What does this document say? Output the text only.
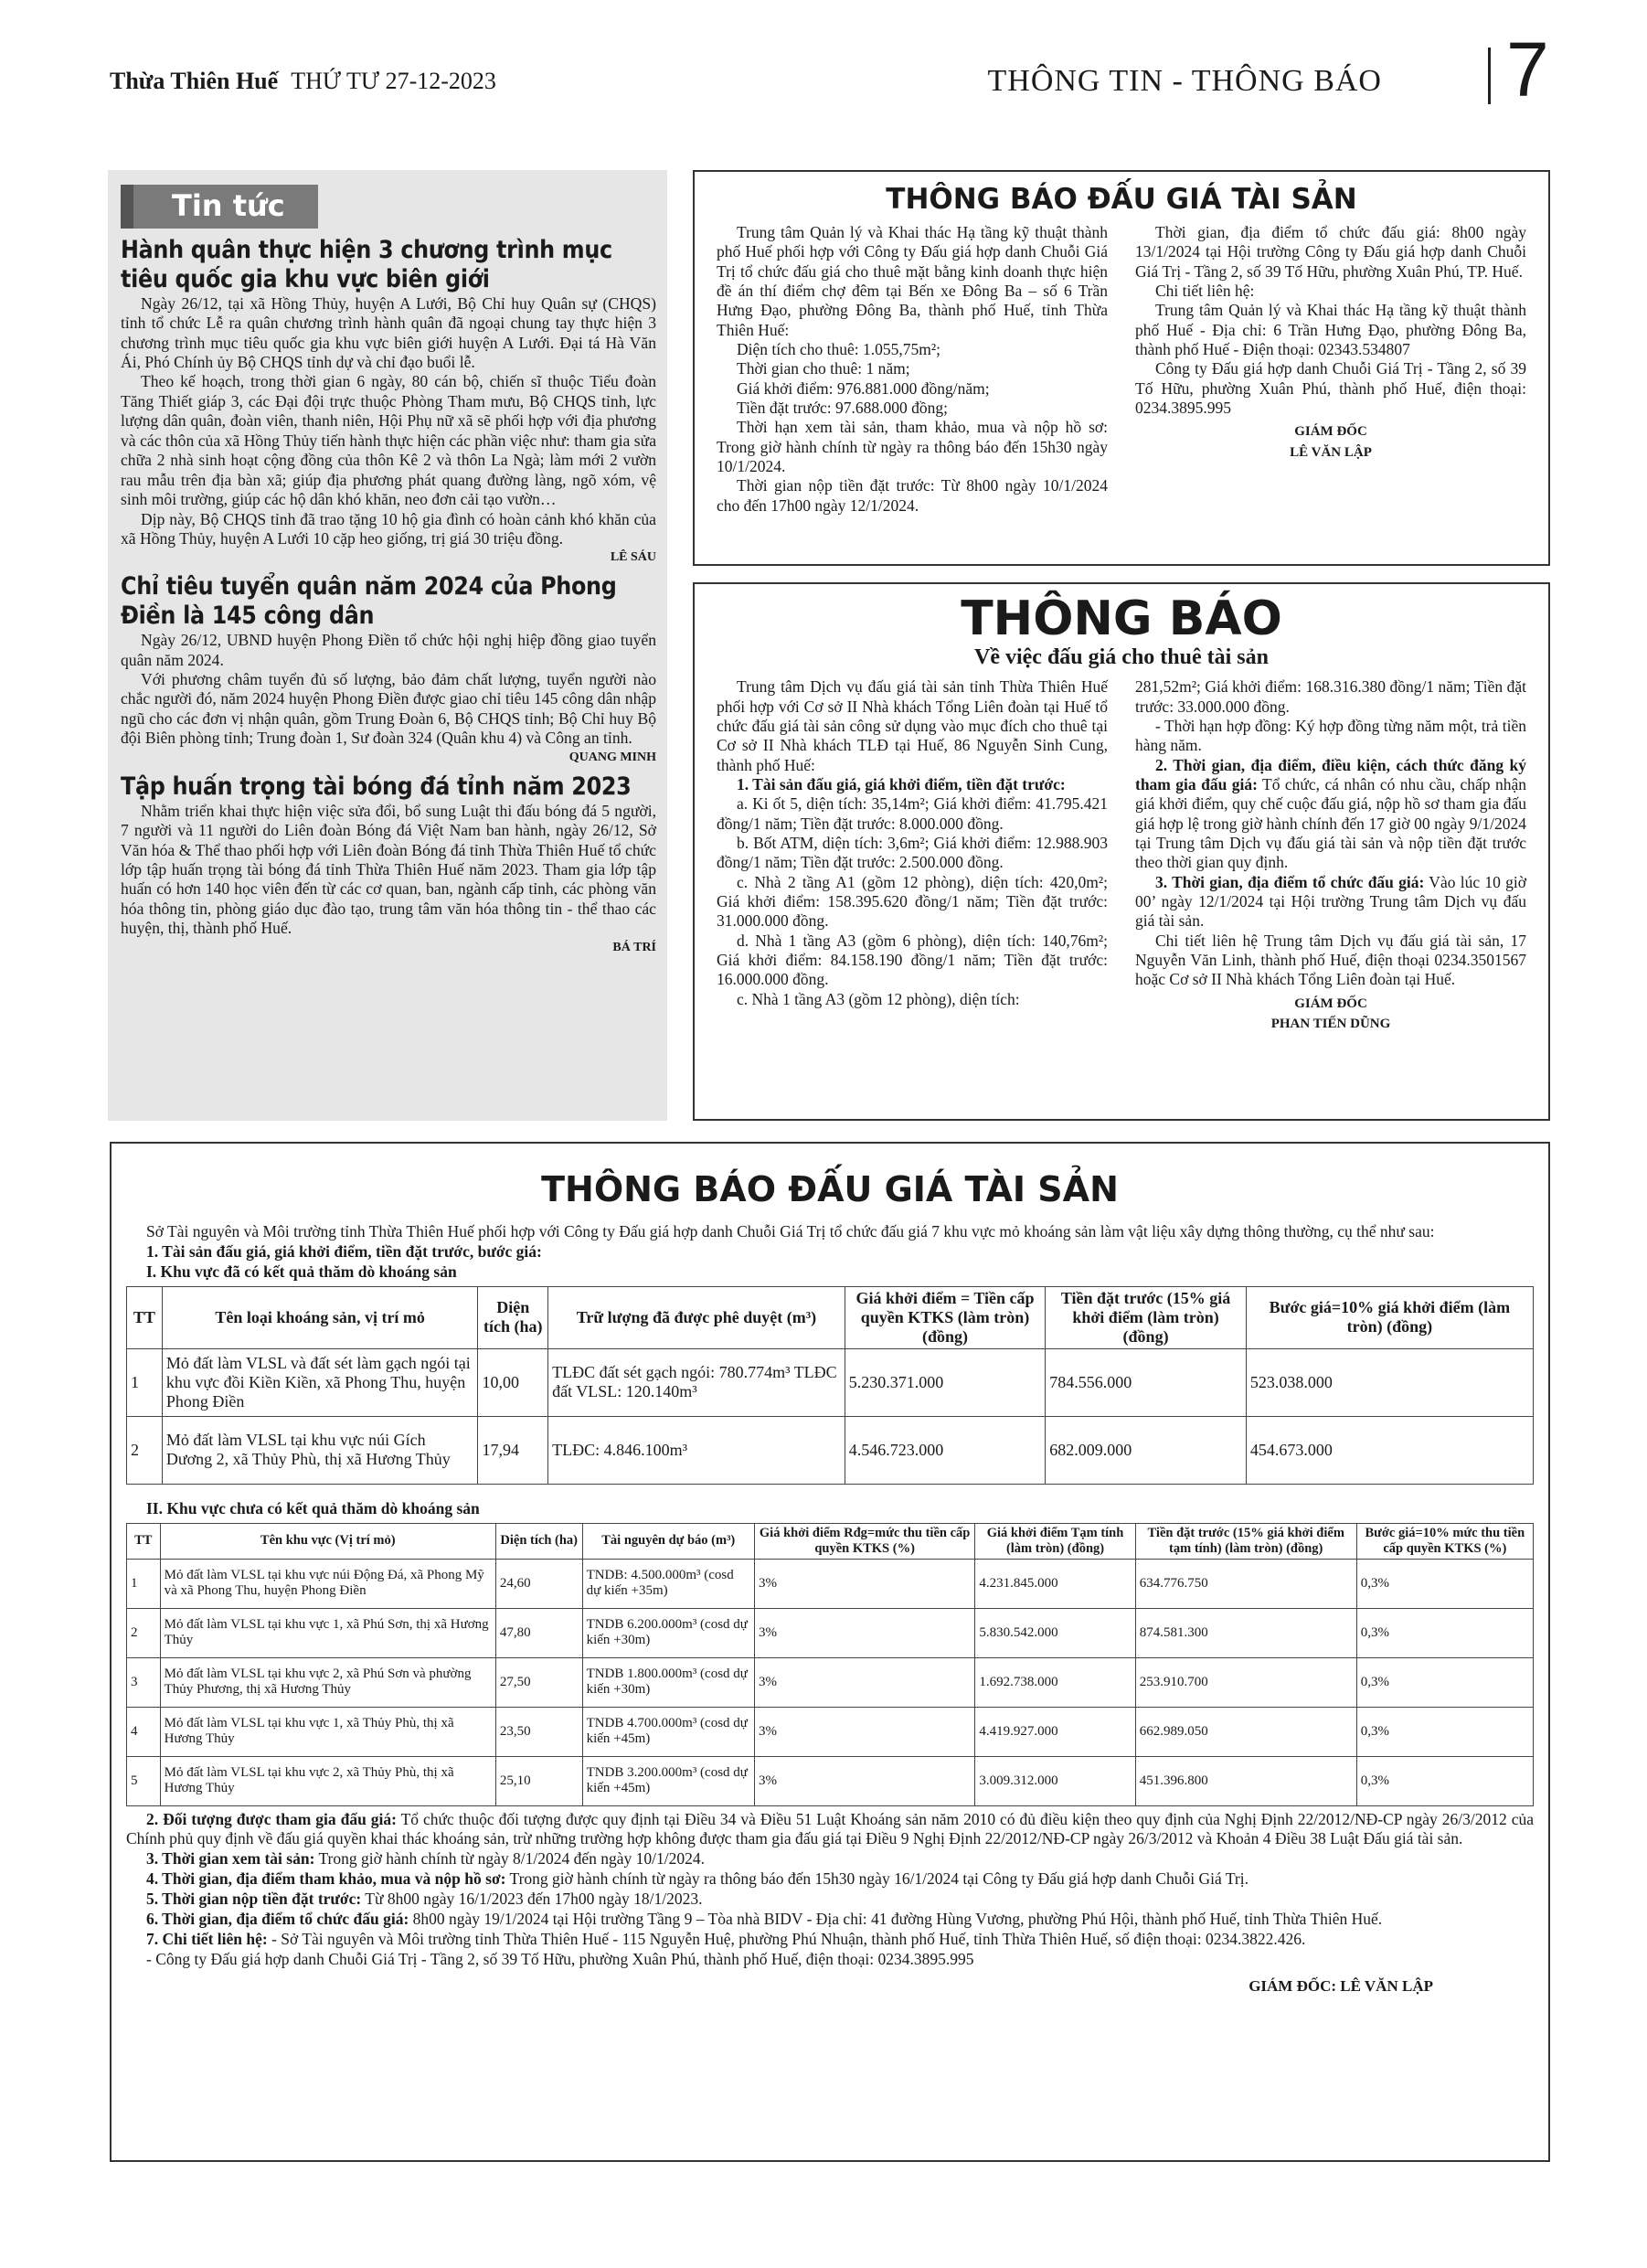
Thừa Thiên Huế THỨ TƯ 27-12-2023	THÔNG TIN - THÔNG BÁO 7
Tin tức
Hành quân thực hiện 3 chương trình mục tiêu quốc gia khu vực biên giới

Ngày 26/12, tại xã Hồng Thủy, huyện A Lưới, Bộ Chỉ huy Quân sự (CHQS) tỉnh tổ chức Lễ ra quân chương trình hành quân đã ngoại chung tay thực hiện 3 chương trình mục tiêu quốc gia khu vực biên giới huyện A Lưới. Đại tá Hà Văn Ái, Phó Chính ủy Bộ CHQS tỉnh dự và chỉ đạo buổi lễ.

Theo kế hoạch, trong thời gian 6 ngày, 80 cán bộ, chiến sĩ thuộc Tiểu đoàn Tăng Thiết giáp 3, các Đại đội trực thuộc Phòng Tham mưu, Bộ CHQS tỉnh, lực lượng dân quân, đoàn viên, thanh niên, Hội Phụ nữ xã sẽ phối hợp với địa phương và các thôn của xã Hồng Thủy tiến hành thực hiện các phần việc như: tham gia sửa chữa 2 nhà sinh hoạt cộng đồng của thôn Kê 2 và thôn La Ngà; làm mới 2 vườn rau mẫu trên địa bàn xã; giúp địa phương phát quang đường làng, ngõ xóm, vệ sinh môi trường, giúp các hộ dân khó khăn, neo đơn cải tạo vườn…

Dịp này, Bộ CHQS tỉnh đã trao tặng 10 hộ gia đình có hoàn cảnh khó khăn của xã Hồng Thủy, huyện A Lưới 10 cặp heo giống, trị giá 30 triệu đồng.

LÊ SÁU
Chỉ tiêu tuyển quân năm 2024 của Phong Điền là 145 công dân

Ngày 26/12, UBND huyện Phong Điền tổ chức hội nghị hiệp đồng giao tuyển quân năm 2024.

Với phương châm tuyển đủ số lượng, bảo đảm chất lượng, tuyển người nào chắc người đó, năm 2024 huyện Phong Điền được giao chỉ tiêu 145 công dân nhập ngũ cho các đơn vị nhận quân, gồm Trung Đoàn 6, Bộ CHQS tỉnh; Bộ Chỉ huy Bộ đội Biên phòng tỉnh; Trung đoàn 1, Sư đoàn 324 (Quân khu 4) và Công an tỉnh.

QUANG MINH
Tập huấn trọng tài bóng đá tỉnh năm 2023

Nhằm triển khai thực hiện việc sửa đổi, bổ sung Luật thi đấu bóng đá 5 người, 7 người và 11 người do Liên đoàn Bóng đá Việt Nam ban hành, ngày 26/12, Sở Văn hóa & Thể thao phối hợp với Liên đoàn Bóng đá tỉnh Thừa Thiên Huế tổ chức lớp tập huấn trọng tài bóng đá tỉnh Thừa Thiên Huế năm 2023. Tham gia lớp tập huấn có hơn 140 học viên đến từ các cơ quan, ban, ngành cấp tỉnh, các phòng văn hóa thông tin, phòng giáo dục đào tạo, trung tâm văn hóa thông tin - thể thao các huyện, thị, thành phố Huế.

BÁ TRÍ
THÔNG BÁO ĐẤU GIÁ TÀI SẢN

Trung tâm Quản lý và Khai thác Hạ tầng kỹ thuật thành phố Huế phối hợp với Công ty Đấu giá hợp danh Chuỗi Giá Trị tổ chức đấu giá cho thuê mặt bằng kinh doanh thực hiện đề án thí điểm chợ đêm tại Bến xe Đông Ba – số 6 Trần Hưng Đạo, phường Đông Ba, thành phố Huế, tỉnh Thừa Thiên Huế:

Diện tích cho thuê: 1.055,75m²;

Thời gian cho thuê: 1 năm;

Giá khởi điểm: 976.881.000 đồng/năm;

Tiền đặt trước: 97.688.000 đồng;

Thời hạn xem tài sản, tham khảo, mua và nộp hồ sơ: Trong giờ hành chính từ ngày ra thông báo đến 15h30 ngày 10/1/2024.

Thời gian nộp tiền đặt trước: Từ 8h00 ngày 10/1/2024 cho đến 17h00 ngày 12/1/2024.

Thời gian, địa điểm tổ chức đấu giá: 8h00 ngày 13/1/2024 tại Hội trường Công ty Đấu giá hợp danh Chuỗi Giá Trị - Tầng 2, số 39 Tố Hữu, phường Xuân Phú, TP. Huế.

Chi tiết liên hệ:

Trung tâm Quản lý và Khai thác Hạ tầng kỹ thuật thành phố Huế - Địa chỉ: 6 Trần Hưng Đạo, phường Đông Ba, thành phố Huế - Điện thoại: 02343.534807

Công ty Đấu giá hợp danh Chuỗi Giá Trị - Tầng 2, số 39 Tố Hữu, phường Xuân Phú, thành phố Huế, điện thoại: 0234.3895.995

GIÁM ĐỐC
LÊ VĂN LẬP
THÔNG BÁO
Về việc đấu giá cho thuê tài sản

Trung tâm Dịch vụ đấu giá tài sản tỉnh Thừa Thiên Huế phối hợp với Cơ sở II Nhà khách Tổng Liên đoàn tại Huế tổ chức đấu giá tài sản công sử dụng vào mục đích cho thuê tại Cơ sở II Nhà khách TLĐ tại Huế, 86 Nguyễn Sinh Cung, thành phố Huế:

1. Tài sản đấu giá, giá khởi điểm, tiền đặt trước:

a. Ki ốt 5, diện tích: 35,14m²; Giá khởi điểm: 41.795.421 đồng/1 năm; Tiền đặt trước: 8.000.000 đồng.

b. Bốt ATM, diện tích: 3,6m²; Giá khởi điểm: 12.988.903 đồng/1 năm; Tiền đặt trước: 2.500.000 đồng.

c. Nhà 2 tầng A1 (gồm 12 phòng), diện tích: 420,0m²; Giá khởi điểm: 158.395.620 đồng/1 năm; Tiền đặt trước: 31.000.000 đồng.

d. Nhà 1 tầng A3 (gồm 6 phòng), diện tích: 140,76m²; Giá khởi điểm: 84.158.190 đồng/1 năm; Tiền đặt trước: 16.000.000 đồng.

c. Nhà 1 tầng A3 (gồm 12 phòng), diện tích:

281,52m²; Giá khởi điểm: 168.316.380 đồng/1 năm; Tiền đặt trước: 33.000.000 đồng.

- Thời hạn hợp đồng: Ký hợp đồng từng năm một, trả tiền hàng năm.

2. Thời gian, địa điểm, điều kiện, cách thức đăng ký tham gia đấu giá: Tổ chức, cá nhân có nhu cầu, chấp nhận giá khởi điểm, quy chế cuộc đấu giá, nộp hồ sơ tham gia đấu giá hợp lệ trong giờ hành chính đến 17 giờ 00 ngày 9/1/2024 tại Trung tâm Dịch vụ đấu giá tài sản và nộp tiền đặt trước theo thời gian quy định.

3. Thời gian, địa điểm tổ chức đấu giá: Vào lúc 10 giờ 00’ ngày 12/1/2024 tại Hội trường Trung tâm Dịch vụ đấu giá tài sản.

Chi tiết liên hệ Trung tâm Dịch vụ đấu giá tài sản, 17 Nguyễn Văn Linh, thành phố Huế, điện thoại 0234.3501567 hoặc Cơ sở II Nhà khách Tổng Liên đoàn tại Huế.

GIÁM ĐỐC
PHAN TIẾN DŨNG
THÔNG BÁO ĐẤU GIÁ TÀI SẢN

Sở Tài nguyên và Môi trường tỉnh Thừa Thiên Huế phối hợp với Công ty Đấu giá hợp danh Chuỗi Giá Trị tổ chức đấu giá 7 khu vực mỏ khoáng sản làm vật liệu xây dựng thông thường, cụ thể như sau:

1. Tài sản đấu giá, giá khởi điểm, tiền đặt trước, bước giá:

I. Khu vực đã có kết quả thăm dò khoáng sản

TT	Tên loại khoáng sản, vị trí mỏ	Diện tích (ha)	Trữ lượng đã được phê duyệt (m³)	Giá khởi điểm = Tiền cấp quyền KTKS (làm tròn) (đồng)	Tiền đặt trước (15% giá khởi điểm (làm tròn) (đồng)	Bước giá=10% giá khởi điểm (làm tròn) (đồng)
1	Mỏ đất làm VLSL và đất sét làm gạch ngói tại khu vực đồi Kiền Kiền, xã Phong Thu, huyện Phong Điền	10,00	TLĐC đất sét gạch ngói: 780.774m³ TLĐC đất VLSL: 120.140m³	5.230.371.000	784.556.000	523.038.000
2	Mỏ đất làm VLSL tại khu vực núi Gích Dương 2, xã Thủy Phù, thị xã Hương Thủy	17,94	TLĐC: 4.846.100m³	4.546.723.000	682.009.000	454.673.000

II. Khu vực chưa có kết quả thăm dò khoáng sản

TT	Tên khu vực (Vị trí mỏ)	Diện tích (ha)	Tài nguyên dự báo (m³)	Giá khởi điểm Rđg=mức thu tiền cấp quyền KTKS (%)	Giá khởi điểm Tạm tính (làm tròn) (đồng)	Tiền đặt trước (15% giá khởi điểm tạm tính) (làm tròn) (đồng)	Bước giá=10% mức thu tiền cấp quyền KTKS (%)
1	Mỏ đất làm VLSL tại khu vực núi Động Đá, xã Phong Mỹ và xã Phong Thu, huyện Phong Điền	24,60	TNDB: 4.500.000m³ (cosd dự kiến +35m)	3%	4.231.845.000	634.776.750	0,3%
2	Mỏ đất làm VLSL tại khu vực 1, xã Phú Sơn, thị xã Hương Thủy	47,80	TNDB 6.200.000m³ (cosd dự kiến +30m)	3%	5.830.542.000	874.581.300	0,3%
3	Mỏ đất làm VLSL tại khu vực 2, xã Phú Sơn và phường Thủy Phương, thị xã Hương Thủy	27,50	TNDB 1.800.000m³ (cosd dự kiến +30m)	3%	1.692.738.000	253.910.700	0,3%
4	Mỏ đất làm VLSL tại khu vực 1, xã Thủy Phù, thị xã Hương Thủy	23,50	TNDB 4.700.000m³ (cosd dự kiến +45m)	3%	4.419.927.000	662.989.050	0,3%
5	Mỏ đất làm VLSL tại khu vực 2, xã Thủy Phù, thị xã Hương Thủy	25,10	TNDB 3.200.000m³ (cosd dự kiến +45m)	3%	3.009.312.000	451.396.800	0,3%

2. Đối tượng được tham gia đấu giá: Tổ chức thuộc đối tượng được quy định tại Điều 34 và Điều 51 Luật Khoáng sản năm 2010 có đủ điều kiện theo quy định của Nghị Định 22/2012/NĐ-CP ngày 26/3/2012 của Chính phủ quy định về đấu giá quyền khai thác khoáng sản, trừ những trường hợp không được tham gia đấu giá tại Điều 9 Nghị Định 22/2012/NĐ-CP ngày 26/3/2012 và Khoản 4 Điều 38 Luật Đấu giá tài sản.

3. Thời gian xem tài sản: Trong giờ hành chính từ ngày 8/1/2024 đến ngày 10/1/2024.

4. Thời gian, địa điểm tham khảo, mua và nộp hồ sơ: Trong giờ hành chính từ ngày ra thông báo đến 15h30 ngày 16/1/2024 tại Công ty Đấu giá hợp danh Chuỗi Giá Trị.

5. Thời gian nộp tiền đặt trước: Từ 8h00 ngày 16/1/2023 đến 17h00 ngày 18/1/2023.

6. Thời gian, địa điểm tổ chức đấu giá: 8h00 ngày 19/1/2024 tại Hội trường Tầng 9 – Tòa nhà BIDV - Địa chỉ: 41 đường Hùng Vương, phường Phú Hội, thành phố Huế, tỉnh Thừa Thiên Huế.

7. Chi tiết liên hệ: - Sở Tài nguyên và Môi trường tỉnh Thừa Thiên Huế - 115 Nguyễn Huệ, phường Phú Nhuận, thành phố Huế, tỉnh Thừa Thiên Huế, số điện thoại: 0234.3822.426.

- Công ty Đấu giá hợp danh Chuỗi Giá Trị - Tầng 2, số 39 Tố Hữu, phường Xuân Phú, thành phố Huế, điện thoại: 0234.3895.995

GIÁM ĐỐC: LÊ VĂN LẬP
